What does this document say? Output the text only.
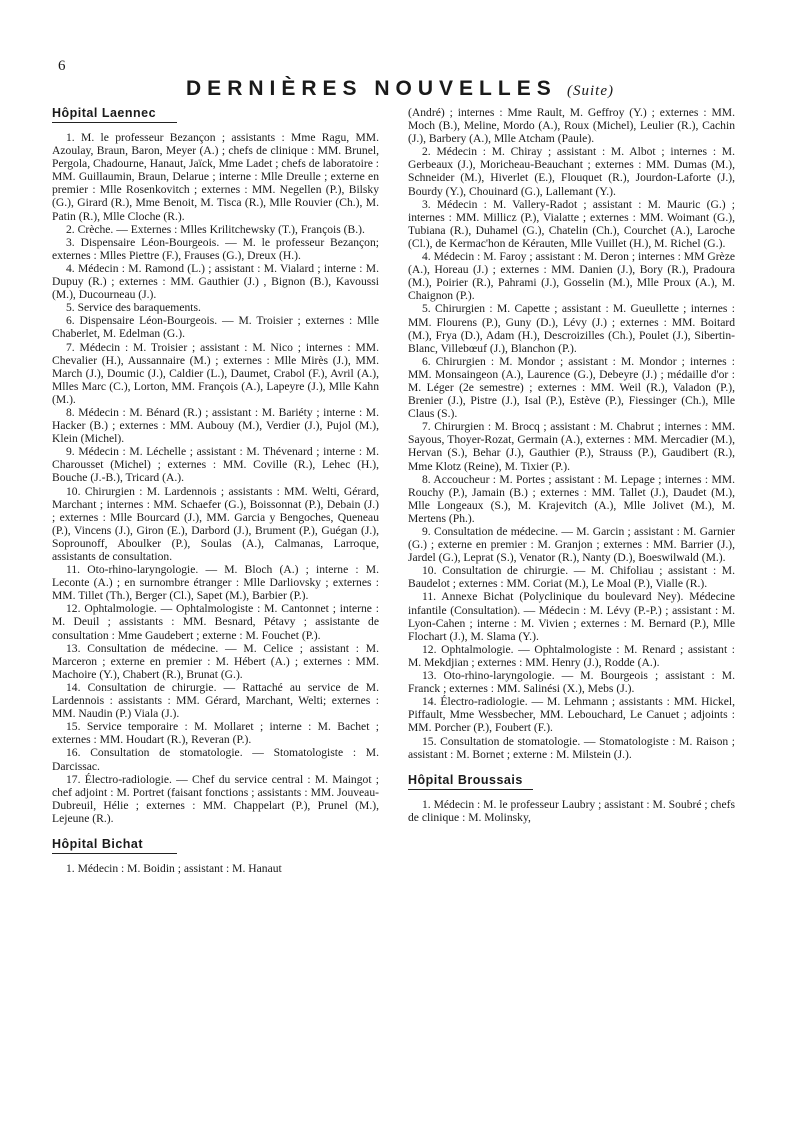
6
DERNIÈRES NOUVELLES (Suite)
Hôpital Laennec

1. M. le professeur Bezançon ; assistants : Mme Ragu, MM. Azoulay, Braun, Baron, Meyer (A.) ; chefs de clinique : MM. Brunel, Pergola, Chadourne, Hanaut, Jaïck, Mme Ladet ; chefs de laboratoire : MM. Guillaumin, Braun, Delarue ; interne : Mlle Dreulle ; externe en premier : Mlle Rosenkovitch ; externes : MM. Negellen (P.), Bilsky (G.), Girard (R.), Mme Benoit, M. Tisca (R.), Mlle Rouvier (Ch.), M. Patin (R.), Mlle Cloche (R.).

2. Crèche. — Externes : Mlles Krilitchewsky (T.), François (B.).

3. Dispensaire Léon-Bourgeois. — M. le professeur Bezançon; externes : Mlles Piettre (F.), Frauses (G.), Dreux (H.).

4. Médecin : M. Ramond (L.) ; assistant : M. Vialard ; interne : M. Dupuy (R.) ; externes : MM. Gauthier (J.) , Bignon (B.), Kavoussi (M.), Ducourneau (J.).

5. Service des baraquements.

6. Dispensaire Léon-Bourgeois. — M. Troisier ; externes : Mlle Chaberlet, M. Edelman (G.).

7. Médecin : M. Troisier ; assistant : M. Nico ; internes : MM. Chevalier (H.), Aussannaire (M.) ; externes : Mlle Mirès (J.), MM. March (J.), Doumic (J.), Caldier (L.), Daumet, Crabol (F.), Avril (A.), Mlles Marc (C.), Lorton, MM. François (A.), Lapeyre (J.), Mlle Kahn (M.).

8. Médecin : M. Bénard (R.) ; assistant : M. Bariéty ; interne : M. Hacker (B.) ; externes : MM. Aubouy (M.), Verdier (J.), Pujol (M.), Klein (Michel).

9. Médecin : M. Léchelle ; assistant : M. Thévenard ; interne : M. Charousset (Michel) ; externes : MM. Coville (R.), Lehec (H.), Bouche (J.-B.), Tricard (A.).

10. Chirurgien : M. Lardennois ; assistants : MM. Welti, Gérard, Marchant ; internes : MM. Schaefer (G.), Boissonnat (P.), Debain (J.) ; externes : Mlle Bourcard (J.), MM. Garcia y Bengoches, Queneau (P.), Vincens (J.), Giron (E.), Darbord (J.), Brument (P.), Guégan (J.), Soprounoff, Aboulker (P.), Soulas (A.), Calmanas, Larroque, assistants de consultation.

11. Oto-rhino-laryngologie. — M. Bloch (A.) ; interne : M. Leconte (A.) ; en surnombre étranger : Mlle Darliovsky ; externes : MM. Tillet (Th.), Berger (Cl.), Sapet (M.), Barbier (P.).

12. Ophtalmologie. — Ophtalmologiste : M. Cantonnet ; interne : M. Deuil ; assistants : MM. Besnard, Pétavy ; assistante de consultation : Mme Gaudebert ; externe : M. Fouchet (P.).

13. Consultation de médecine. — M. Celice ; assistant : M. Marceron ; externe en premier : M. Hébert (A.) ; externes : MM. Machoire (Y.), Chabert (R.), Brunat (G.).

14. Consultation de chirurgie. — Rattaché au service de M. Lardennois : assistants : MM. Gérard, Marchant, Welti; externes : MM. Naudin (P.) Viala (J.).

15. Service temporaire : M. Mollaret ; interne : M. Bachet ; externes : MM. Houdart (R.), Reveran (P.).

16. Consultation de stomatologie. — Stomatologiste : M. Darcissac.

17. Électro-radiologie. — Chef du service central : M. Maingot ; chef adjoint : M. Portret (faisant fonctions ; assistants : MM. Jouveau-Dubreuil, Hélie ; externes : MM. Chappelart (P.), Prunel (M.), Lejeune (R.).

Hôpital Bichat

1. Médecin : M. Boidin ; assistant : M. Hanaut

(André) ; internes : Mme Rault, M. Geffroy (Y.) ; externes : MM. Moch (B.), Meline, Mordo (A.), Roux (Michel), Leulier (R.), Cachin (J.), Barbery (A.), Mlle Atcham (Paule).

2. Médecin : M. Chiray ; assistant : M. Albot ; internes : M. Gerbeaux (J.), Moricheau-Beauchant ; externes : MM. Dumas (M.), Schneider (M.), Hiverlet (E.), Flouquet (R.), Jourdon-Laforte (J.), Bourdy (Y.), Chouinard (G.), Lallemant (Y.).

3. Médecin : M. Vallery-Radot ; assistant : M. Mauric (G.) ; internes : MM. Millicz (P.), Vialatte ; externes : MM. Woimant (G.), Tubiana (R.), Duhamel (G.), Chatelin (Ch.), Courchet (A.), Laroche (Cl.), de Kermac'hon de Kérauten, Mlle Vuillet (H.), M. Richel (G.).

4. Médecin : M. Faroy ; assistant : M. Deron ; internes : MM Grèze (A.), Horeau (J.) ; externes : MM. Danien (J.), Bory (R.), Pradoura (M.), Poirier (R.), Pahrami (J.), Gosselin (M.), Mlle Proux (A.), M. Chaignon (P.).

5. Chirurgien : M. Capette ; assistant : M. Gueullette ; internes : MM. Flourens (P.), Guny (D.), Lévy (J.) ; externes : MM. Boitard (M.), Frya (D.), Adam (H.), Descroizilles (Ch.), Poulet (J.), Sibertin-Blanc, Villebœuf (J.), Blanchon (P.).

6. Chirurgien : M. Mondor ; assistant : M. Mondor ; internes : MM. Monsaingeon (A.), Laurence (G.), Debeyre (J.) ; médaille d'or : M. Léger (2e semestre) ; externes : MM. Weil (R.), Valadon (P.), Brenier (J.), Pistre (J.), Isal (P.), Estève (P.), Fiessinger (Ch.), Mlle Claus (S.).

7. Chirurgien : M. Brocq ; assistant : M. Chabrut ; internes : MM. Sayous, Thoyer-Rozat, Germain (A.), externes : MM. Mercadier (M.), Hervan (S.), Behar (J.), Gauthier (P.), Strauss (P.), Gaudibert (R.), Mme Klotz (Reine), M. Tixier (P.).

8. Accoucheur : M. Portes ; assistant : M. Lepage ; internes : MM. Rouchy (P.), Jamain (B.) ; externes : MM. Tallet (J.), Daudet (M.), Mlle Longeaux (S.), M. Krajevitch (A.), Mlle Jolivet (M.), M. Mertens (Ph.).

9. Consultation de médecine. — M. Garcin ; assistant : M. Garnier (G.) ; externe en premier : M. Granjon ; externes : MM. Barrier (J.), Jardel (G.), Leprat (S.), Venator (R.), Nanty (D.), Boeswilwald (M.).

10. Consultation de chirurgie. — M. Chifoliau ; assistant : M. Baudelot ; externes : MM. Coriat (M.), Le Moal (P.), Vialle (R.).

11. Annexe Bichat (Polyclinique du boulevard Ney). Médecine infantile (Consultation). — Médecin : M. Lévy (P.-P.) ; assistant : M. Lyon-Cahen ; interne : M. Vivien ; externes : M. Bernard (P.), Mlle Flochart (J.), M. Slama (Y.).

12. Ophtalmologie. — Ophtalmologiste : M. Renard ; assistant : M. Mekdjian ; externes : MM. Henry (J.), Rodde (A.).

13. Oto-rhino-laryngologie. — M. Bourgeois ; assistant : M. Franck ; externes : MM. Salinési (X.), Mebs (J.).

14. Électro-radiologie. — M. Lehmann ; assistants : MM. Hickel, Piffault, Mme Wessbecher, MM. Lebouchard, Le Canuet ; adjoints : MM. Porcher (P.), Foubert (F.).

15. Consultation de stomatologie. — Stomatologiste : M. Raison ; assistant : M. Bornet ; externe : M. Milstein (J.).

Hôpital Broussais

1. Médecin : M. le professeur Laubry ; assistant : M. Soubré ; chefs de clinique : M. Molinsky,
